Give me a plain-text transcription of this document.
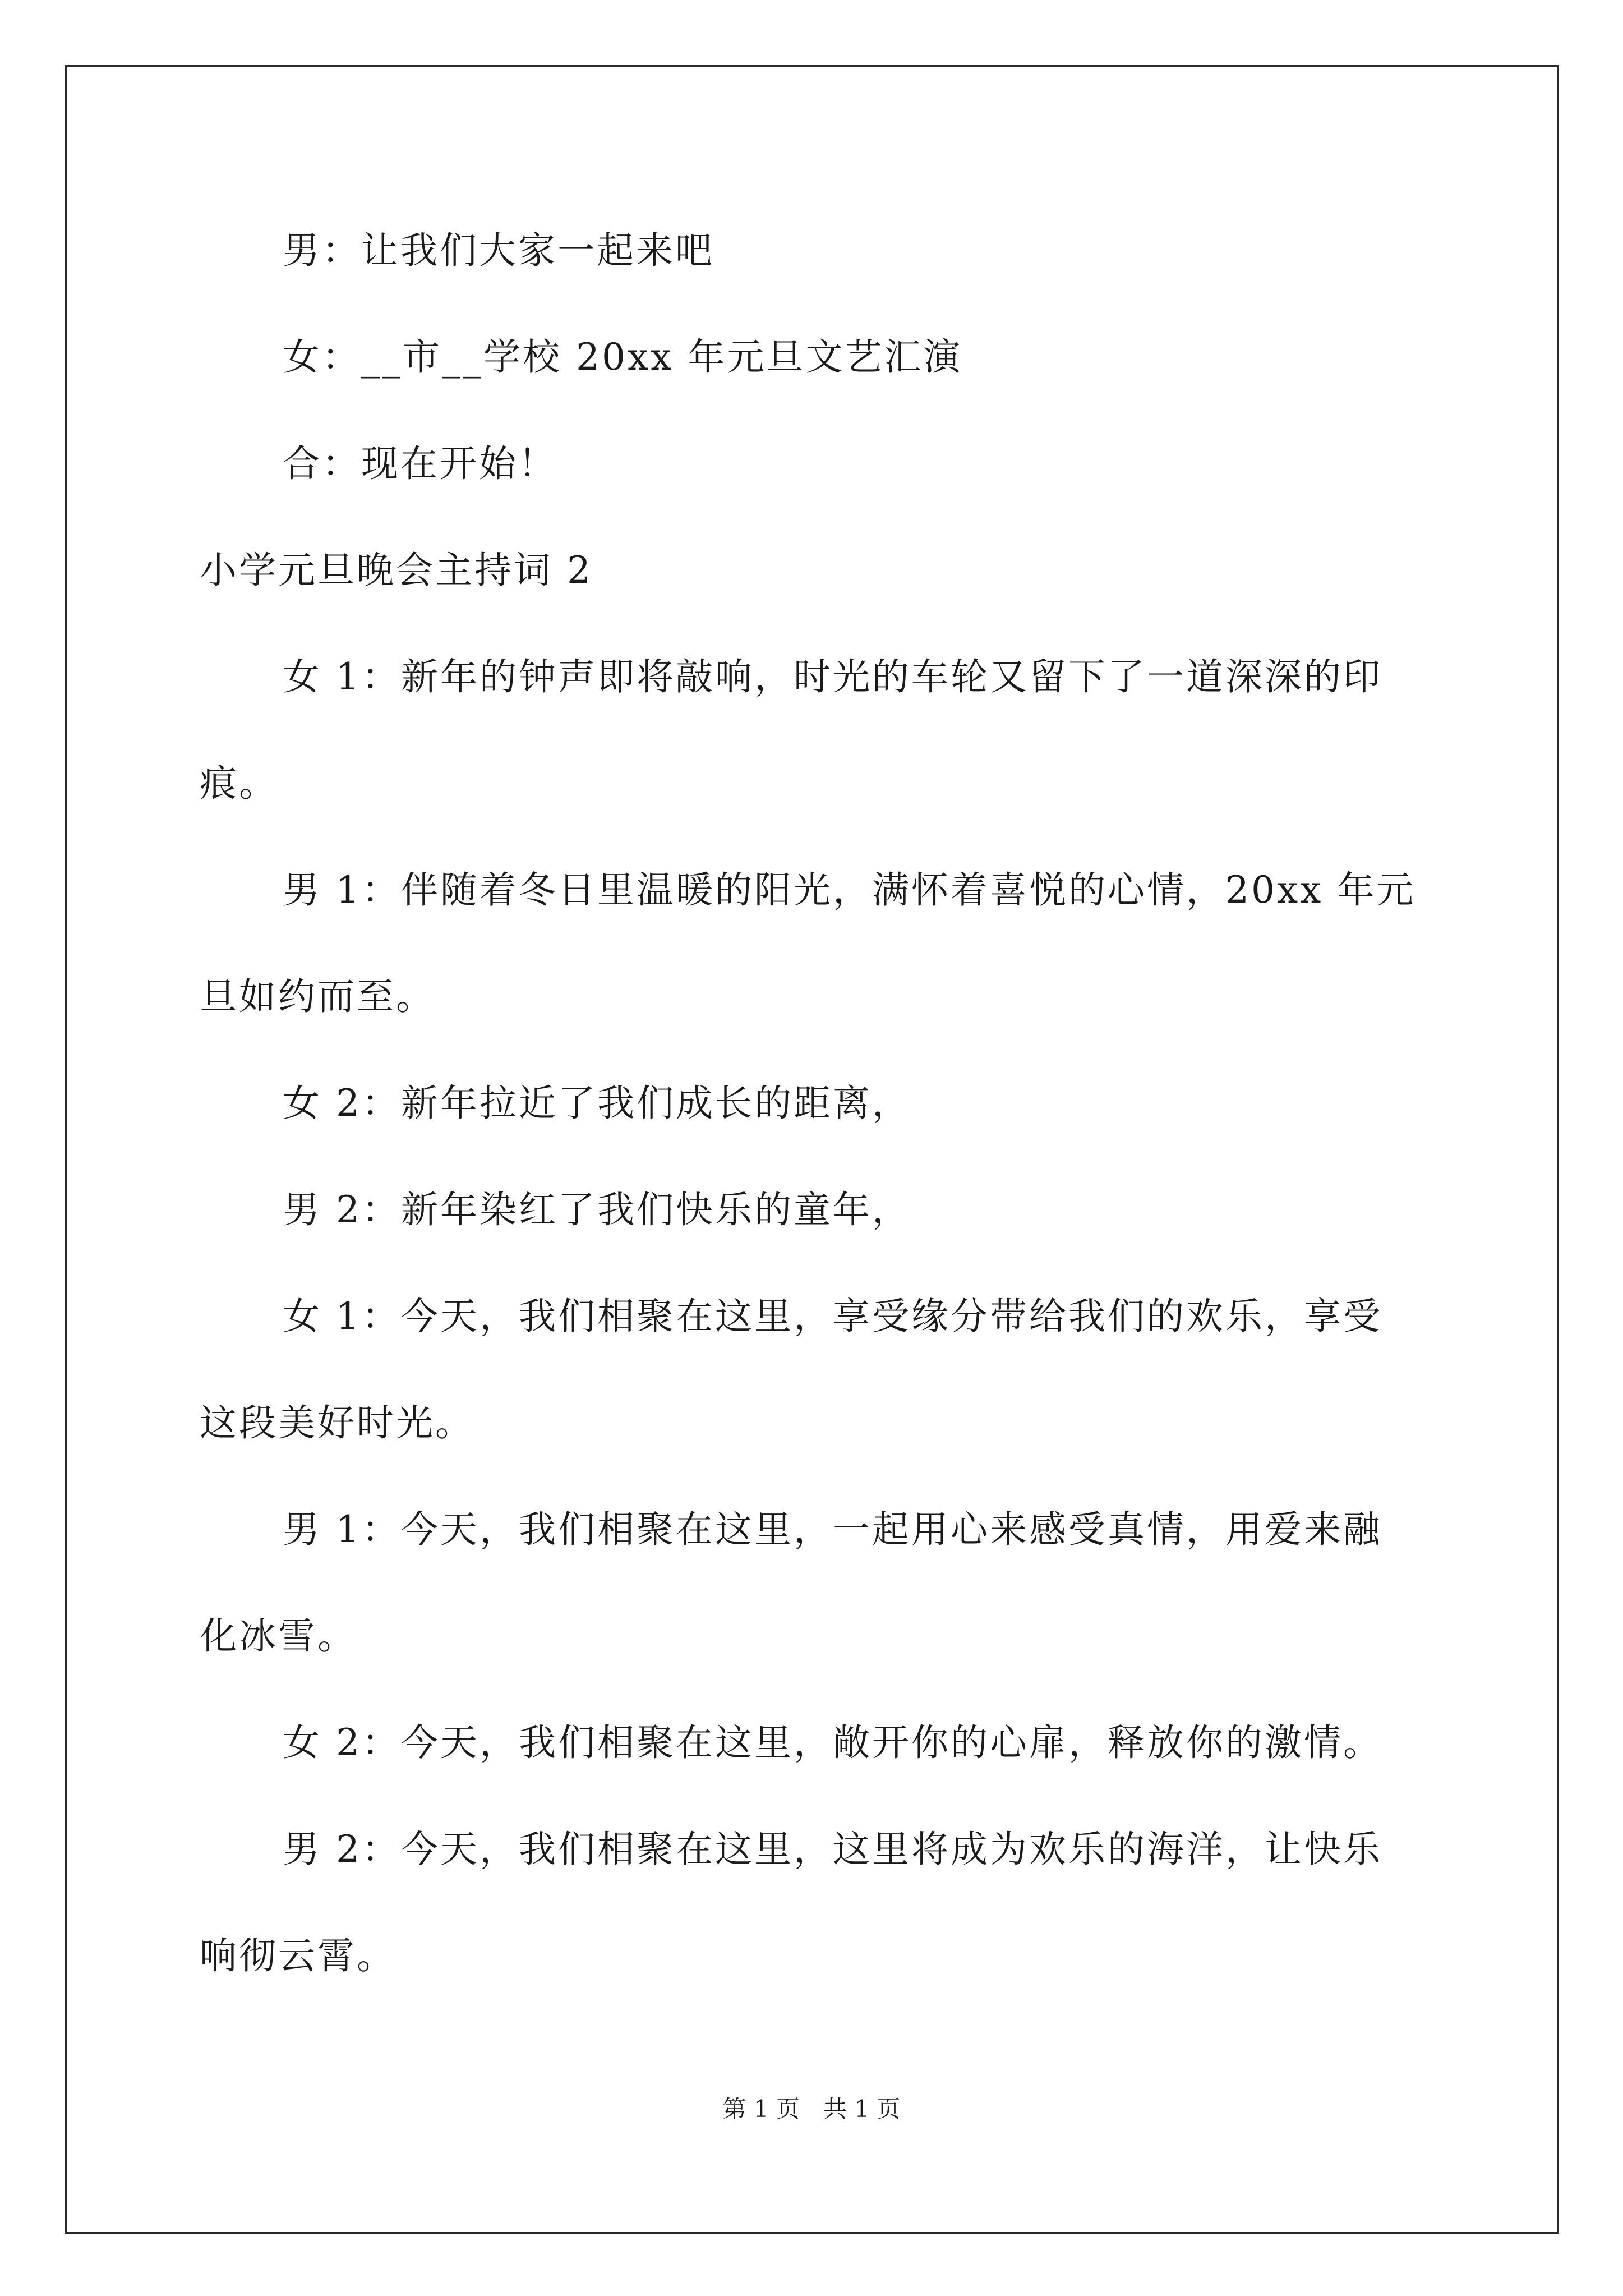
男：让我们大家一起来吧
女：__市__学校 20xx 年元旦文艺汇演
合：现在开始！
小学元旦晚会主持词 2
女 1：新年的钟声即将敲响，时光的车轮又留下了一道深深的印
痕。
男 1：伴随着冬日里温暖的阳光，满怀着喜悦的心情，20xx 年元
旦如约而至。
女 2：新年拉近了我们成长的距离，
男 2：新年染红了我们快乐的童年，
女 1：今天，我们相聚在这里，享受缘分带给我们的欢乐，享受
这段美好时光。
男 1：今天，我们相聚在这里，一起用心来感受真情，用爱来融
化冰雪。
女 2：今天，我们相聚在这里，敞开你的心扉，释放你的激情。
男 2：今天，我们相聚在这里，这里将成为欢乐的海洋，让快乐
响彻云霄。
第 1 页　共 1 页
